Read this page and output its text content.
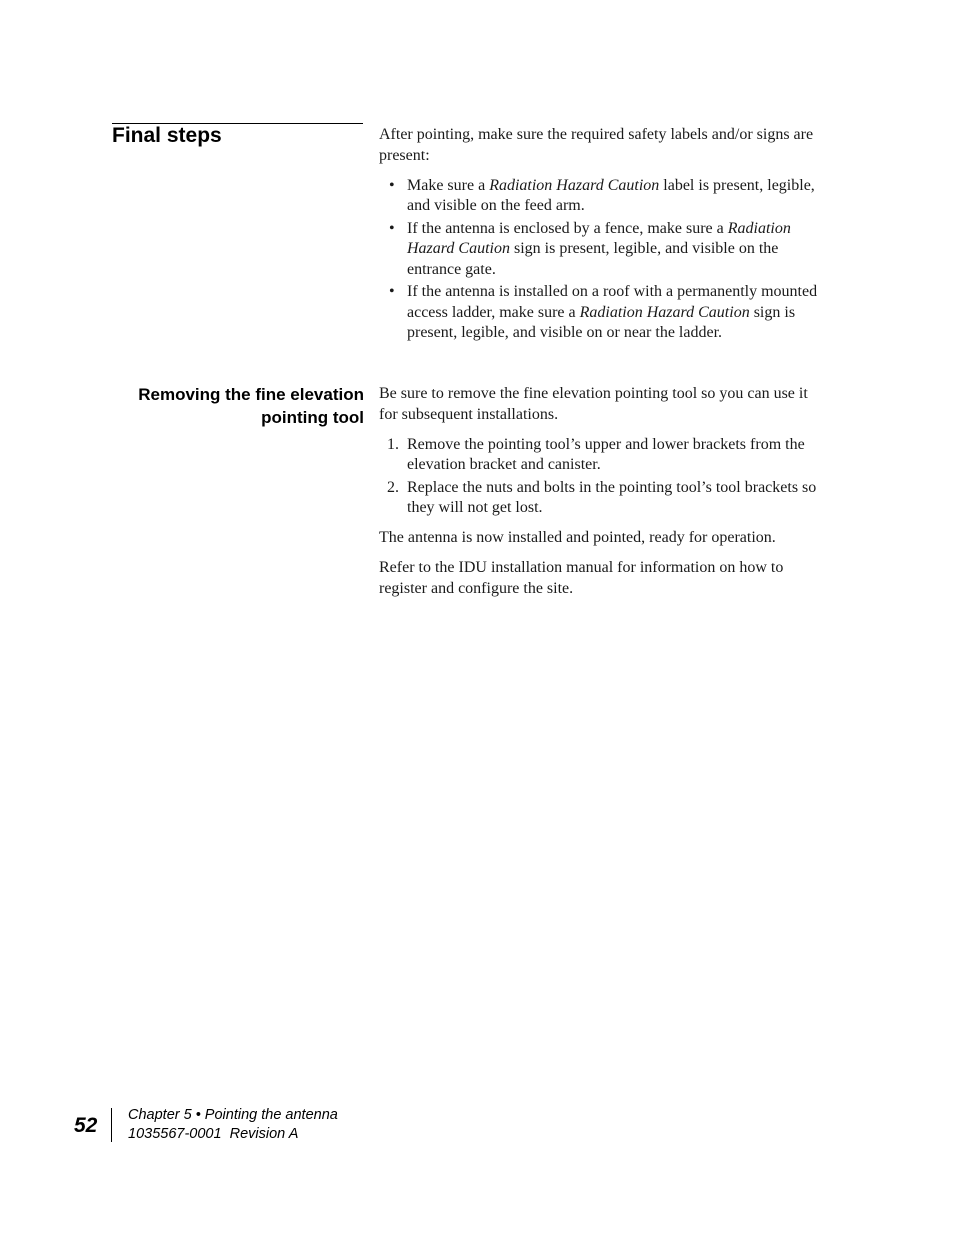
Final steps	After pointing, make sure the required safety labels and/or signs are present:

• Make sure a Radiation Hazard Caution label is present, legible, and visible on the feed arm.
• If the antenna is enclosed by a fence, make sure a Radiation Hazard Caution sign is present, legible, and visible on the entrance gate.
• If the antenna is installed on a roof with a permanently mounted access ladder, make sure a Radiation Hazard Caution sign is present, legible, and visible on or near the ladder.
Removing the fine elevation
pointing tool

Be sure to remove the fine elevation pointing tool so you can use it for subsequent installations.

1. Remove the pointing tool’s upper and lower brackets from the elevation bracket and canister.
2. Replace the nuts and bolts in the pointing tool’s tool brackets so they will not get lost.

The antenna is now installed and pointed, ready for operation.

Refer to the IDU installation manual for information on how to register and configure the site.

52 Chapter 5 • Pointing the antenna
1035567-0001  Revision A
